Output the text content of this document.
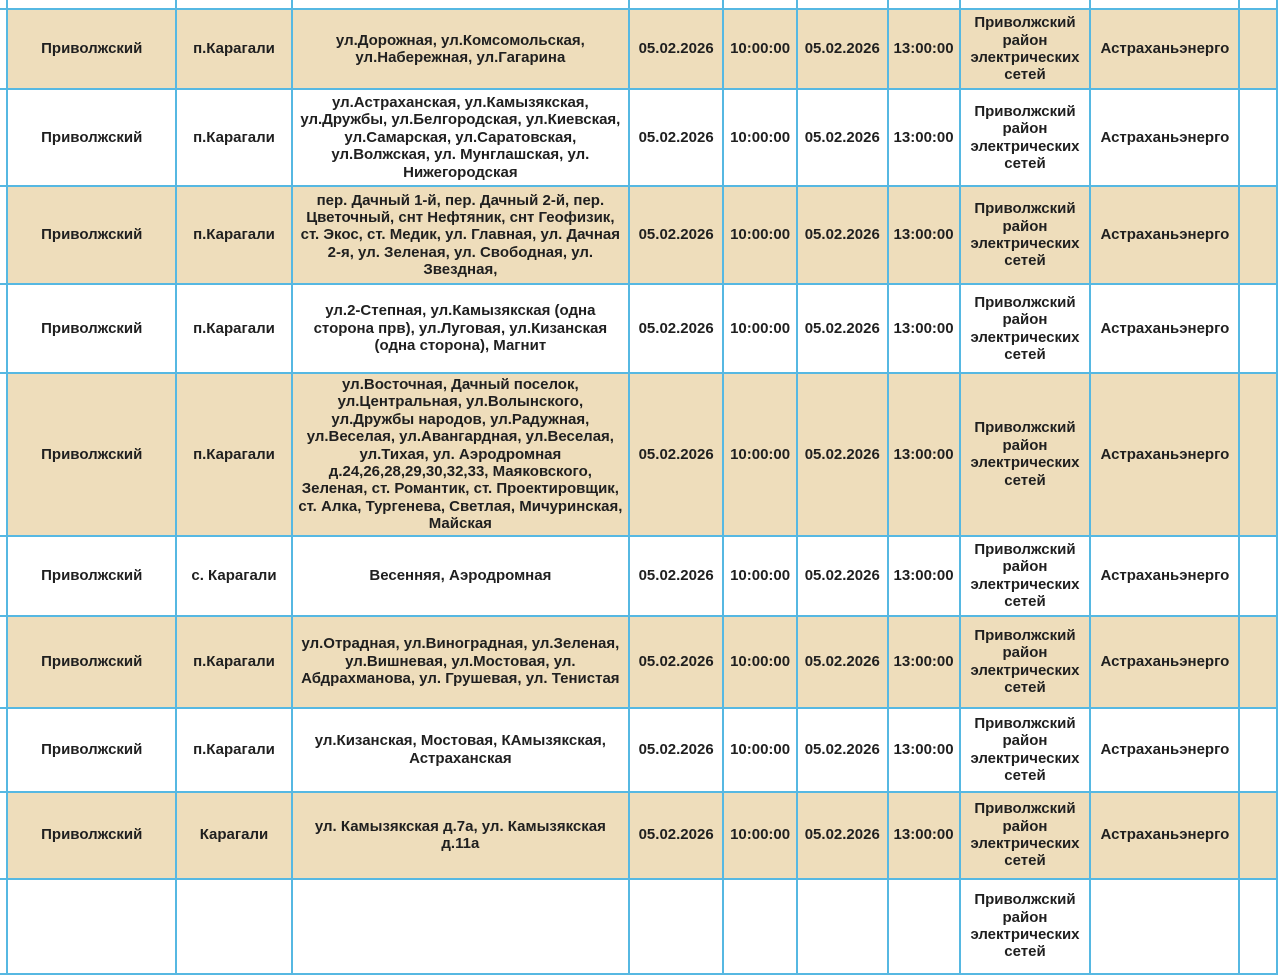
	Приволжский	п.Карагали	ул.Дорожная, ул.Комсомольская, ул.Набережная, ул.Гагарина	05.02.2026	10:00:00	05.02.2026	13:00:00	Приволжский район электрических сетей	Астраханьэнерго	
	Приволжский	п.Карагали	ул.Астраханская, ул.Камызякская, ул.Дружбы, ул.Белгородская, ул.Киевская, ул.Самарская, ул.Саратовская, ул.Волжская, ул. Мунглашская, ул. Нижегородская	05.02.2026	10:00:00	05.02.2026	13:00:00	Приволжский район электрических сетей	Астраханьэнерго	
	Приволжский	п.Карагали	пер. Дачный 1-й, пер. Дачный 2-й, пер. Цветочный, снт Нефтяник, снт Геофизик, ст. Экос, ст. Медик, ул. Главная, ул. Дачная 2-я, ул. Зеленая, ул. Свободная, ул. Звездная,	05.02.2026	10:00:00	05.02.2026	13:00:00	Приволжский район электрических сетей	Астраханьэнерго	
	Приволжский	п.Карагали	ул.2-Степная, ул.Камызякская (одна сторона прв), ул.Луговая, ул.Кизанская (одна сторона), Магнит	05.02.2026	10:00:00	05.02.2026	13:00:00	Приволжский район электрических сетей	Астраханьэнерго	
	Приволжский	п.Карагали	ул.Восточная, Дачный поселок, ул.Центральная, ул.Волынского, ул.Дружбы народов, ул.Радужная, ул.Веселая, ул.Авангардная, ул.Веселая, ул.Тихая, ул. Аэродромная д.24,26,28,29,30,32,33, Маяковского, Зеленая, ст. Романтик, ст. Проектировщик, ст. Алка, Тургенева, Светлая, Мичуринская, Майская	05.02.2026	10:00:00	05.02.2026	13:00:00	Приволжский район электрических сетей	Астраханьэнерго	
	Приволжский	с. Карагали	Весенняя, Аэродромная	05.02.2026	10:00:00	05.02.2026	13:00:00	Приволжский район электрических сетей	Астраханьэнерго	
	Приволжский	п.Карагали	ул.Отрадная, ул.Виноградная, ул.Зеленая, ул.Вишневая, ул.Мостовая, ул. Абдрахманова, ул. Грушевая, ул. Тенистая	05.02.2026	10:00:00	05.02.2026	13:00:00	Приволжский район электрических сетей	Астраханьэнерго	
	Приволжский	п.Карагали	ул.Кизанская, Мостовая, КАмызякская, Астраханская	05.02.2026	10:00:00	05.02.2026	13:00:00	Приволжский район электрических сетей	Астраханьэнерго	
	Приволжский	Карагали	ул. Камызякская д.7а, ул. Камызякская д.11а	05.02.2026	10:00:00	05.02.2026	13:00:00	Приволжский район электрических сетей	Астраханьэнерго	
								Приволжский район электрических сетей		
